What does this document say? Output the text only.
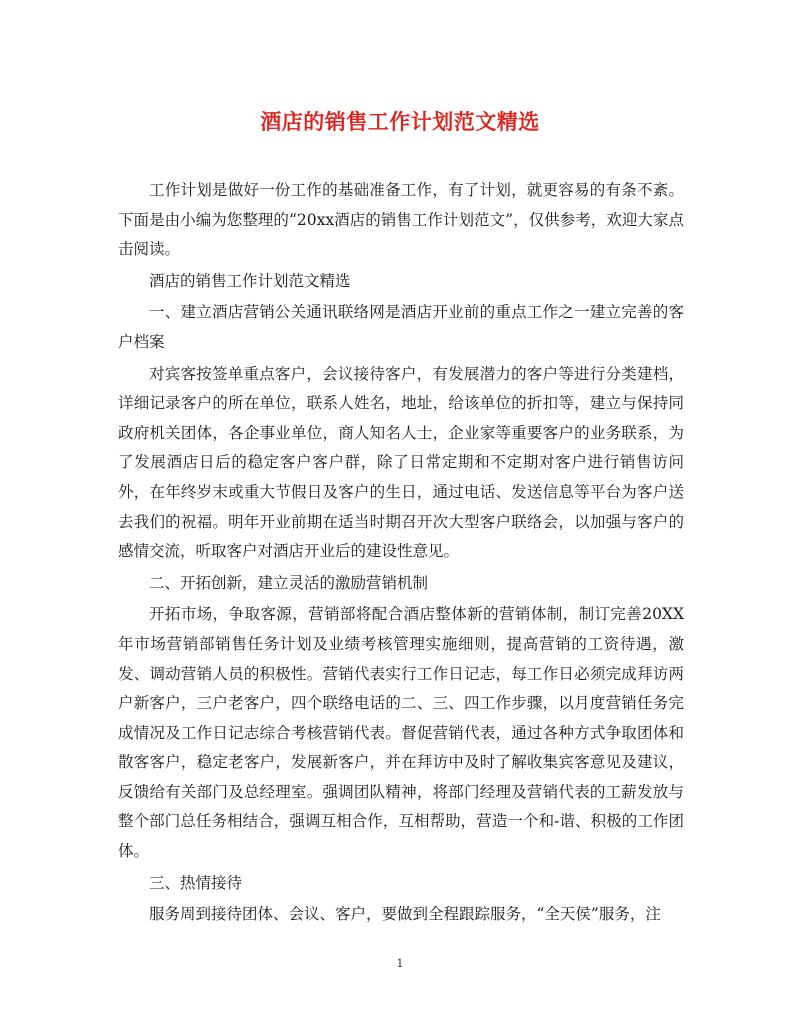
酒店的销售工作计划范文精选

工作计划是做好一份工作的基础准备工作，有了计划，就更容易的有条不紊。下面是由小编为您整理的“20xx酒店的销售工作计划范文”，仅供参考，欢迎大家点击阅读。

酒店的销售工作计划范文精选

一、建立酒店营销公关通讯联络网是酒店开业前的重点工作之一建立完善的客户档案

对宾客按签单重点客户，会议接待客户，有发展潜力的客户等进行分类建档，详细记录客户的所在单位，联系人姓名，地址，给该单位的折扣等，建立与保持同政府机关团体，各企事业单位，商人知名人士，企业家等重要客户的业务联系，为了发展酒店日后的稳定客户客户群，除了日常定期和不定期对客户进行销售访问外，在年终岁末或重大节假日及客户的生日，通过电话、发送信息等平台为客户送去我们的祝福。明年开业前期在适当时期召开次大型客户联络会，以加强与客户的感情交流，听取客户对酒店开业后的建设性意见。

二、开拓创新，建立灵活的激励营销机制

开拓市场，争取客源，营销部将配合酒店整体新的营销体制，制订完善20XX年市场营销部销售任务计划及业绩考核管理实施细则，提高营销的工资待遇，激发、调动营销人员的积极性。营销代表实行工作日记志，每工作日必须完成拜访两户新客户，三户老客户，四个联络电话的二、三、四工作步骤，以月度营销任务完成情况及工作日记志综合考核营销代表。督促营销代表，通过各种方式争取团体和散客客户，稳定老客户，发展新客户，并在拜访中及时了解收集宾客意见及建议，反馈给有关部门及总经理室。强调团队精神，将部门经理及营销代表的工薪发放与整个部门总任务相结合，强调互相合作，互相帮助，营造一个和-谐、积极的工作团体。

三、热情接待

服务周到接待团体、会议、客户，要做到全程跟踪服务，“全天侯”服务，注

1
